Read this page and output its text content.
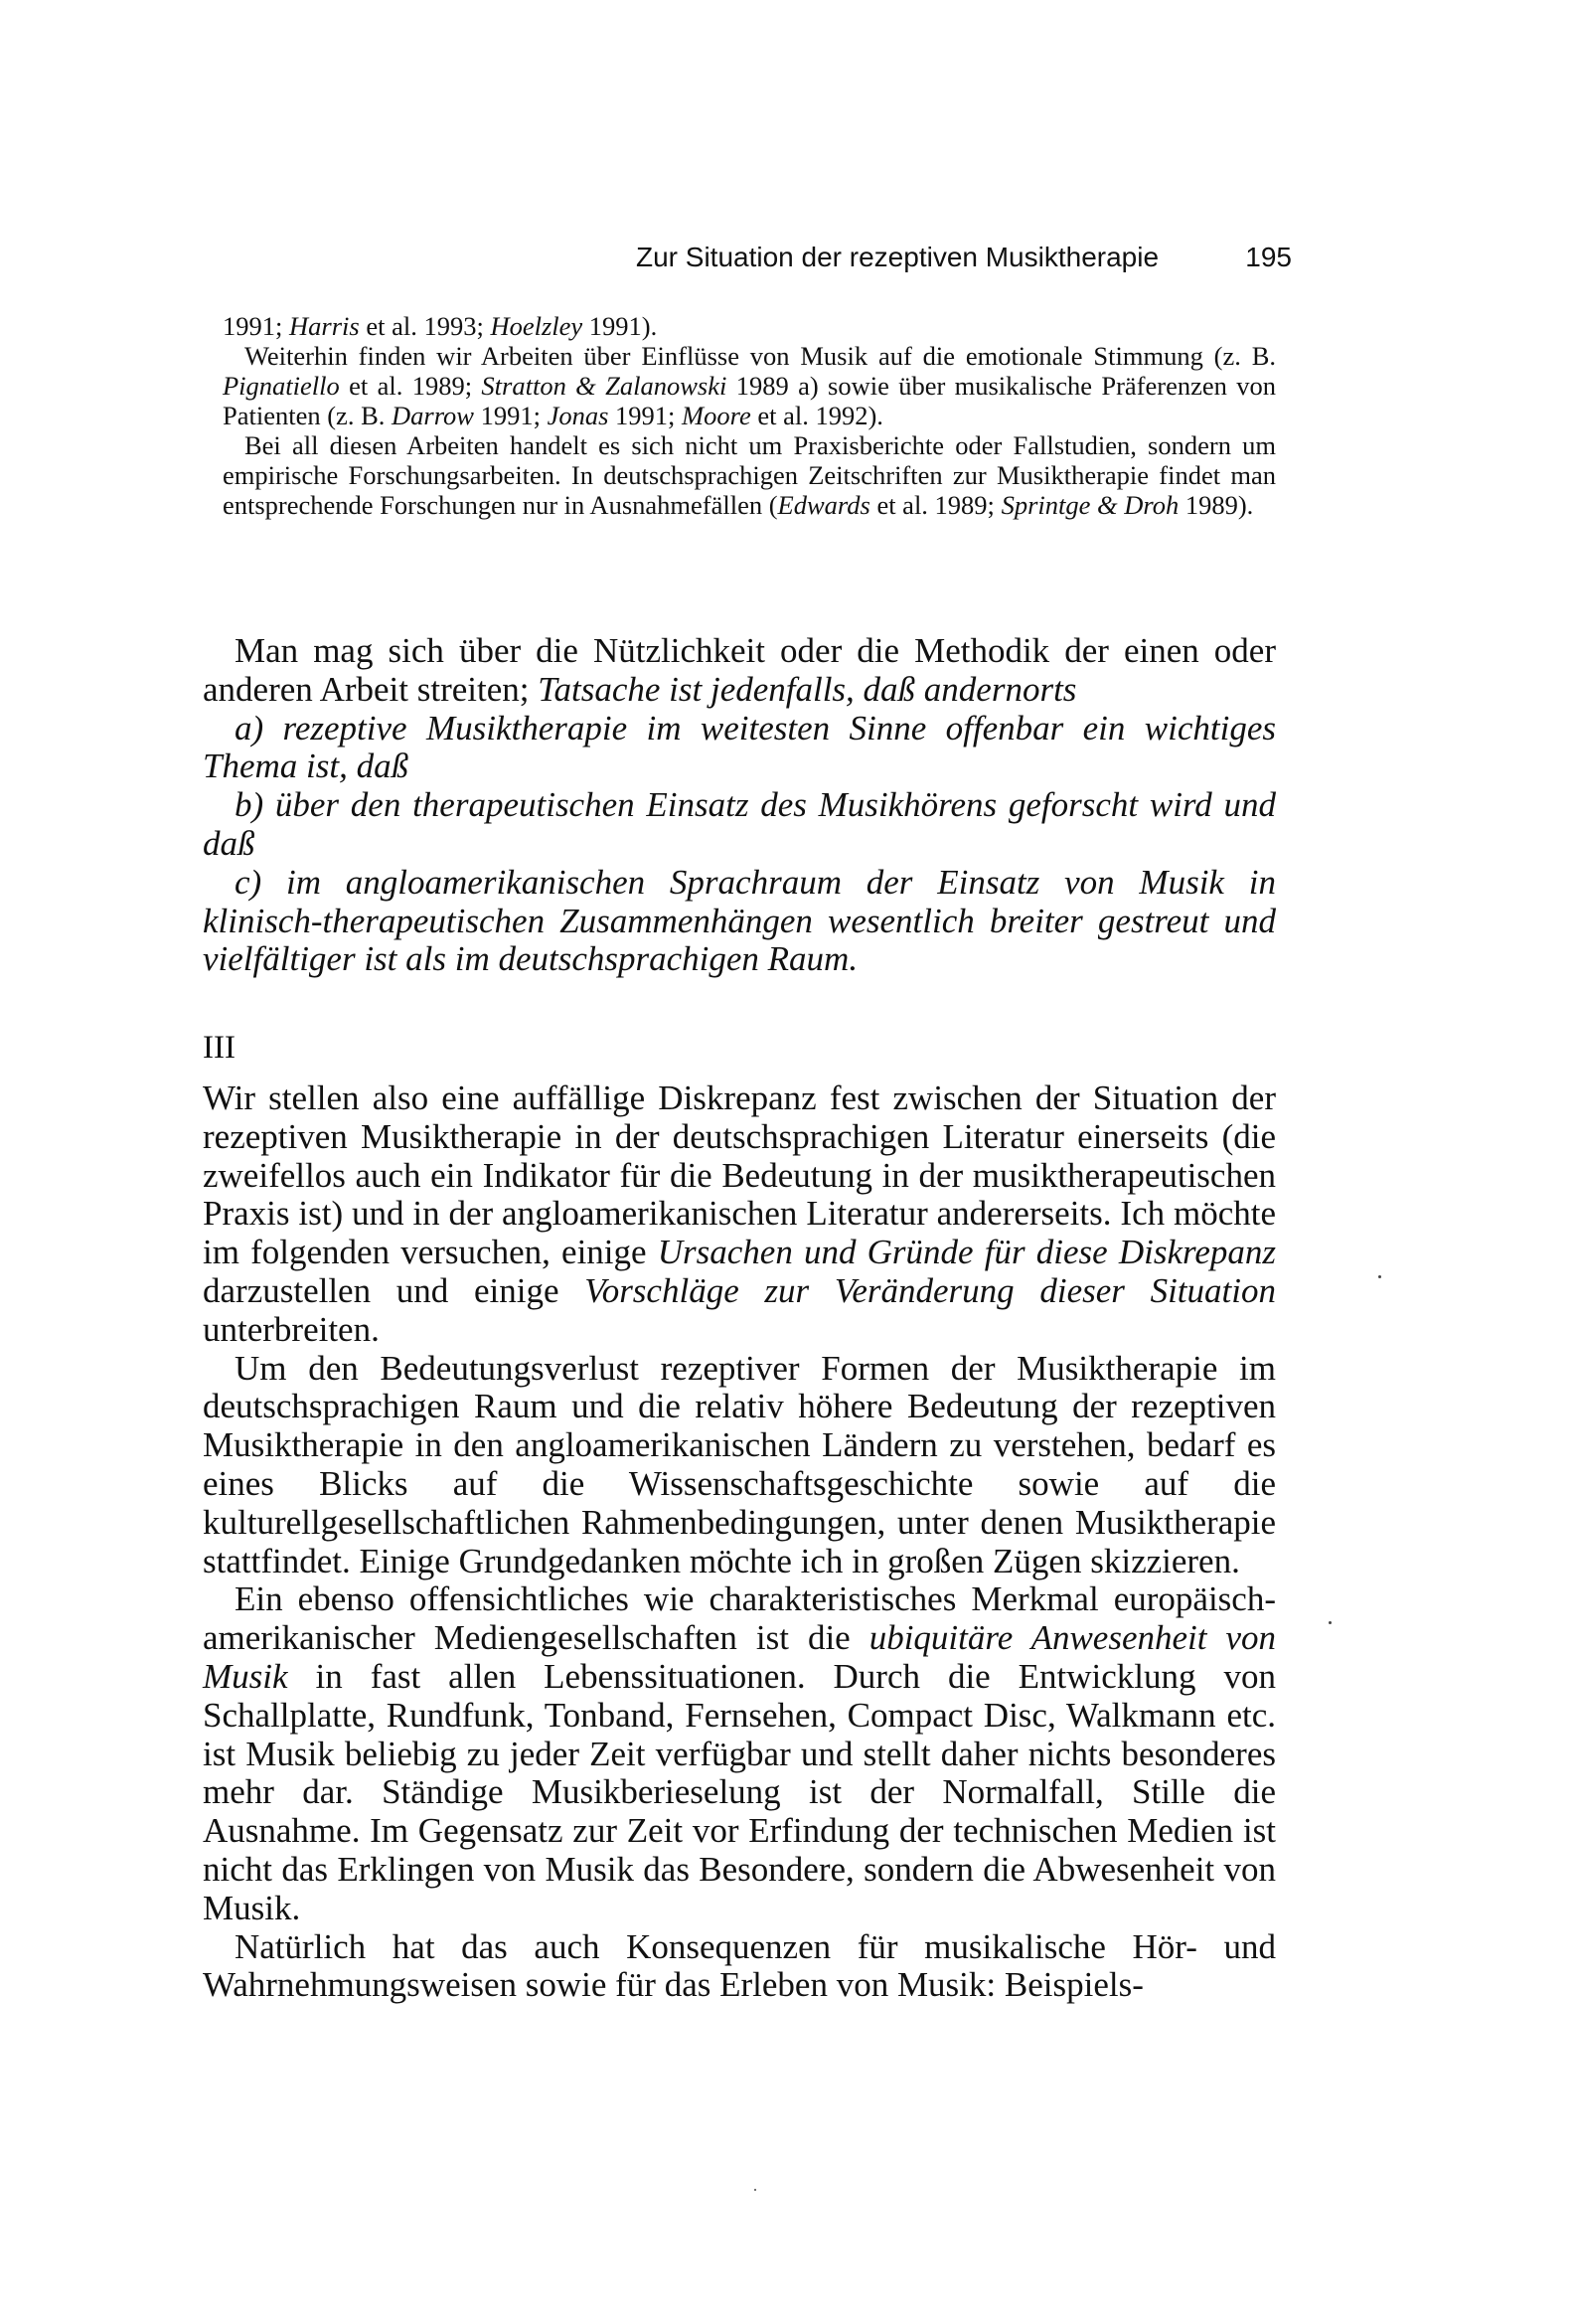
Zur Situation der rezeptiven Musiktherapie	195

1991; Harris et al. 1993; Hoelzley 1991).

Weiterhin finden wir Arbeiten über Einflüsse von Musik auf die emotionale Stimmung (z. B. Pignatiello et al. 1989; Stratton & Zalanowski 1989 a) sowie über musikalische Präferenzen von Patienten (z. B. Darrow 1991; Jonas 1991; Moore et al. 1992).

Bei all diesen Arbeiten handelt es sich nicht um Praxisberichte oder Fallstudien, sondern um empirische Forschungsarbeiten. In deutschsprachigen Zeitschriften zur Musiktherapie findet man entsprechende Forschungen nur in Ausnahmefällen (Edwards et al. 1989; Sprintge & Droh 1989).

Man mag sich über die Nützlichkeit oder die Methodik der einen oder anderen Arbeit streiten; Tatsache ist jedenfalls, daß andernorts

a) rezeptive Musiktherapie im weitesten Sinne offenbar ein wichtiges Thema ist, daß

b) über den therapeutischen Einsatz des Musikhörens geforscht wird und daß

c) im angloamerikanischen Sprachraum der Einsatz von Musik in klinisch-therapeutischen Zusammenhängen wesentlich breiter gestreut und vielfältiger ist als im deutschsprachigen Raum.

III

Wir stellen also eine auffällige Diskrepanz fest zwischen der Situation der rezeptiven Musiktherapie in der deutschsprachigen Literatur einerseits (die zweifellos auch ein Indikator für die Bedeutung in der musiktherapeutischen Praxis ist) und in der angloamerikanischen Literatur andererseits. Ich möchte im folgenden versuchen, einige Ursachen und Gründe für diese Diskrepanz darzustellen und einige Vorschläge zur Veränderung dieser Situation unterbreiten.

Um den Bedeutungsverlust rezeptiver Formen der Musiktherapie im deutschsprachigen Raum und die relativ höhere Bedeutung der rezeptiven Musiktherapie in den angloamerikanischen Ländern zu verstehen, bedarf es eines Blicks auf die Wissenschaftsgeschichte sowie auf die kulturellgesellschaftlichen Rahmenbedingungen, unter denen Musiktherapie stattfindet. Einige Grundgedanken möchte ich in großen Zügen skizzieren.

Ein ebenso offensichtliches wie charakteristisches Merkmal europäisch-amerikanischer Mediengesellschaften ist die ubiquitäre Anwesenheit von Musik in fast allen Lebenssituationen. Durch die Entwicklung von Schallplatte, Rundfunk, Tonband, Fernsehen, Compact Disc, Walkmann etc. ist Musik beliebig zu jeder Zeit verfügbar und stellt daher nichts besonderes mehr dar. Ständige Musikberieselung ist der Normalfall, Stille die Ausnahme. Im Gegensatz zur Zeit vor Erfindung der technischen Medien ist nicht das Erklingen von Musik das Besondere, sondern die Abwesenheit von Musik.

Natürlich hat das auch Konsequenzen für musikalische Hör- und Wahrnehmungsweisen sowie für das Erleben von Musik: Beispiels-
